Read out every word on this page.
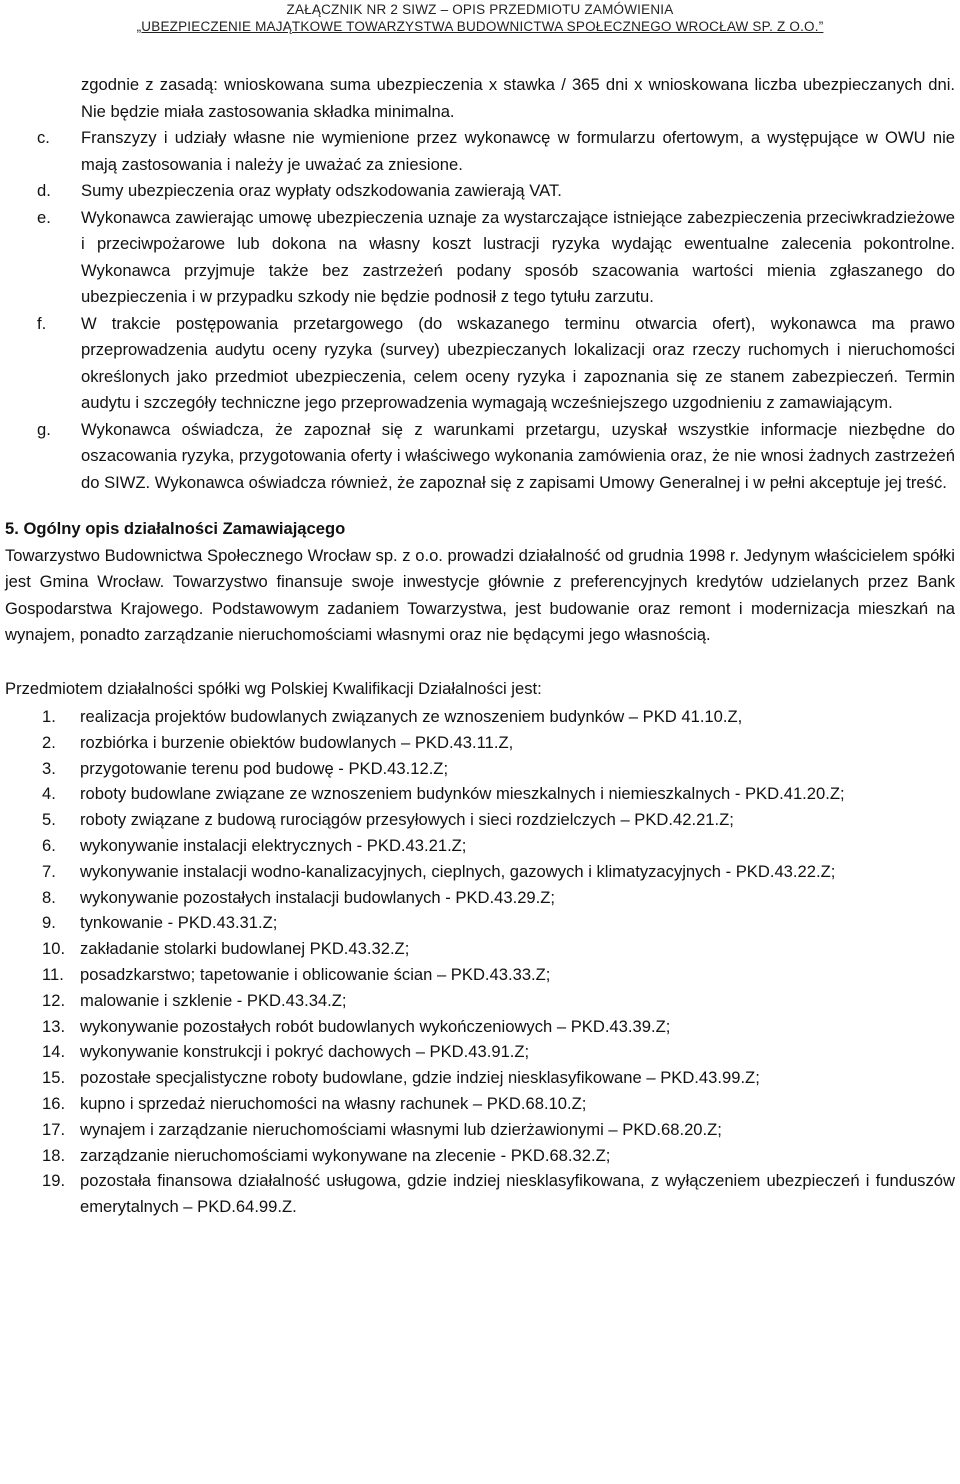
ZAŁĄCZNIK NR 2 SIWZ – OPIS PRZEDMIOTU ZAMÓWIENIA
„UBEZPIECZENIE MAJĄTKOWE TOWARZYSTWA BUDOWNICTWA SPOŁECZNEGO WROCŁAW SP. Z O.O.”

zgodnie z zasadą: wnioskowana suma ubezpieczenia x stawka / 365 dni x wnioskowana liczba ubezpieczanych dni. Nie będzie miała zastosowania składka minimalna.

c. Franszyzy i udziały własne nie wymienione przez wykonawcę w formularzu ofertowym, a występujące w OWU nie mają zastosowania i należy je uważać za zniesione.
d. Sumy ubezpieczenia oraz wypłaty odszkodowania zawierają VAT.
e. Wykonawca zawierając umowę ubezpieczenia uznaje za wystarczające istniejące zabezpieczenia przeciwkradzieżowe i przeciwpożarowe lub dokona na własny koszt lustracji ryzyka wydając ewentualne zalecenia pokontrolne. Wykonawca przyjmuje także bez zastrzeżeń podany sposób szacowania wartości mienia zgłaszanego do ubezpieczenia i w przypadku szkody nie będzie podnosił z tego tytułu zarzutu.
f. W trakcie postępowania przetargowego (do wskazanego terminu otwarcia ofert), wykonawca ma prawo przeprowadzenia audytu oceny ryzyka (survey) ubezpieczanych lokalizacji oraz rzeczy ruchomych i nieruchomości określonych jako przedmiot ubezpieczenia, celem oceny ryzyka i zapoznania się ze stanem zabezpieczeń. Termin audytu i szczegóły techniczne jego przeprowadzenia wymagają wcześniejszego uzgodnieniu z zamawiającym.
g. Wykonawca oświadcza, że zapoznał się z warunkami przetargu, uzyskał wszystkie informacje niezbędne do oszacowania ryzyka, przygotowania oferty i właściwego wykonania zamówienia oraz, że nie wnosi żadnych zastrzeżeń do SIWZ. Wykonawca oświadcza również, że zapoznał się z zapisami Umowy Generalnej i w pełni akceptuje jej treść.
5. Ogólny opis działalności Zamawiającego

Towarzystwo Budownictwa Społecznego Wrocław sp. z o.o. prowadzi działalność od grudnia 1998 r. Jedynym właścicielem spółki jest Gmina Wrocław. Towarzystwo finansuje swoje inwestycje głównie z preferencyjnych kredytów udzielanych przez Bank Gospodarstwa Krajowego. Podstawowym zadaniem Towarzystwa, jest budowanie oraz remont i modernizacja mieszkań na wynajem, ponadto zarządzanie nieruchomościami własnymi oraz nie będącymi jego własnością.

Przedmiotem działalności spółki wg Polskiej Kwalifikacji Działalności jest:

1. realizacja projektów budowlanych związanych ze wznoszeniem budynków – PKD 41.10.Z,
2. rozbiórka i burzenie obiektów budowlanych – PKD.43.11.Z,
3. przygotowanie terenu pod budowę - PKD.43.12.Z;
4. roboty budowlane związane ze wznoszeniem budynków mieszkalnych i niemieszkalnych - PKD.41.20.Z;
5. roboty związane z budową rurociągów przesyłowych i sieci rozdzielczych – PKD.42.21.Z;
6. wykonywanie instalacji elektrycznych - PKD.43.21.Z;
7. wykonywanie instalacji wodno-kanalizacyjnych, cieplnych, gazowych i klimatyzacyjnych - PKD.43.22.Z;
8. wykonywanie pozostałych instalacji budowlanych - PKD.43.29.Z;
9. tynkowanie - PKD.43.31.Z;
10. zakładanie stolarki budowlanej PKD.43.32.Z;
11. posadzkarstwo; tapetowanie i oblicowanie ścian – PKD.43.33.Z;
12. malowanie i szklenie - PKD.43.34.Z;
13. wykonywanie pozostałych robót budowlanych wykończeniowych – PKD.43.39.Z;
14. wykonywanie konstrukcji i pokryć dachowych – PKD.43.91.Z;
15. pozostałe specjalistyczne roboty budowlane, gdzie indziej niesklasyfikowane – PKD.43.99.Z;
16. kupno i sprzedaż nieruchomości na własny rachunek – PKD.68.10.Z;
17. wynajem i zarządzanie nieruchomościami własnymi lub dzierżawionymi – PKD.68.20.Z;
18. zarządzanie nieruchomościami wykonywane na zlecenie - PKD.68.32.Z;
19. pozostała finansowa działalność usługowa, gdzie indziej niesklasyfikowana, z wyłączeniem ubezpieczeń i funduszów emerytalnych – PKD.64.99.Z.
